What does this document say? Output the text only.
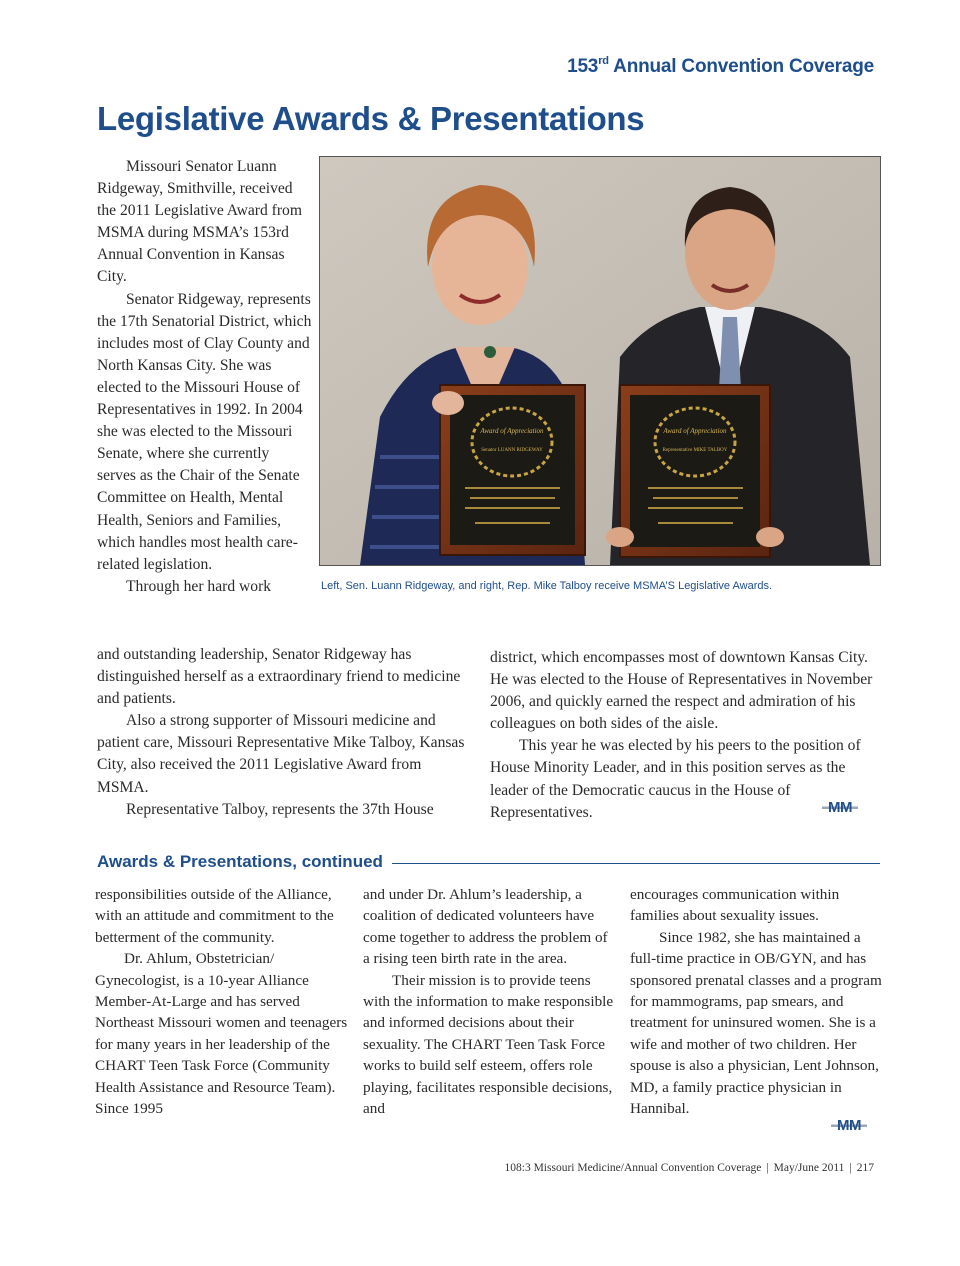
153rd Annual Convention Coverage
Legislative Awards & Presentations

Missouri Senator Luann Ridgeway, Smithville, received the 2011 Legislative Award from MSMA during MSMA’s 153rd Annual Convention in Kansas City.

Senator Ridgeway, represents the 17th Senatorial District, which includes most of Clay County and North Kansas City. She was elected to the Missouri House of Representatives in 1992. In 2004 she was elected to the Missouri Senate, where she currently serves as the Chair of the Senate Committee on Health, Mental Health, Seniors and Families, which handles most health care-related legislation.

Through her hard work

and outstanding leadership, Senator Ridgeway has distinguished herself as a extraordinary friend to medicine and patients.

Also a strong supporter of Missouri medicine and patient care, Missouri Representative Mike Talboy, Kansas City, also received the 2011 Legislative Award from MSMA.

Representative Talboy, represents the 37th House

district, which encompasses most of downtown Kansas City. He was elected to the House of Representatives in November 2006, and quickly earned the respect and admiration of his colleagues on both sides of the aisle.

This year he was elected by his peers to the position of House Minority Leader, and in this position serves as the leader of the Democratic caucus in the House of Representatives.	MM
Award of Appreciation
Senator LUANN RIDGEWAY
Award of Appreciation
Representative MIKE TALBOY
Left, Sen. Luann Ridgeway, and right, Rep. Mike Talboy receive MSMA’S Legislative Awards.
Awards & Presentations, continued

responsibilities outside of the Alliance, with an attitude and commitment to the betterment of the community.

Dr. Ahlum, Obstetrician/ Gynecologist, is a 10-year Alliance Member-At-Large and has served Northeast Missouri women and teenagers for many years in her leadership of the CHART Teen Task Force (Community Health Assistance and Resource Team). Since 1995

and under Dr. Ahlum’s leadership, a coalition of dedicated volunteers have come together to address the problem of a rising teen birth rate in the area.

Their mission is to provide teens with the information to make responsible and informed decisions about their sexuality. The CHART Teen Task Force works to build self esteem, offers role playing, facilitates responsible decisions, and

encourages communication within families about sexuality issues.

Since 1982, she has maintained a full-time practice in OB/GYN, and has sponsored prenatal classes and a program for mammograms, pap smears, and treatment for uninsured women. She is a wife and mother of two children. Her spouse is also a physician, Lent Johnson, MD, a family practice physician in Hannibal.

MM
108:3 Missouri Medicine/Annual Convention Coverage | May/June 2011 | 217
